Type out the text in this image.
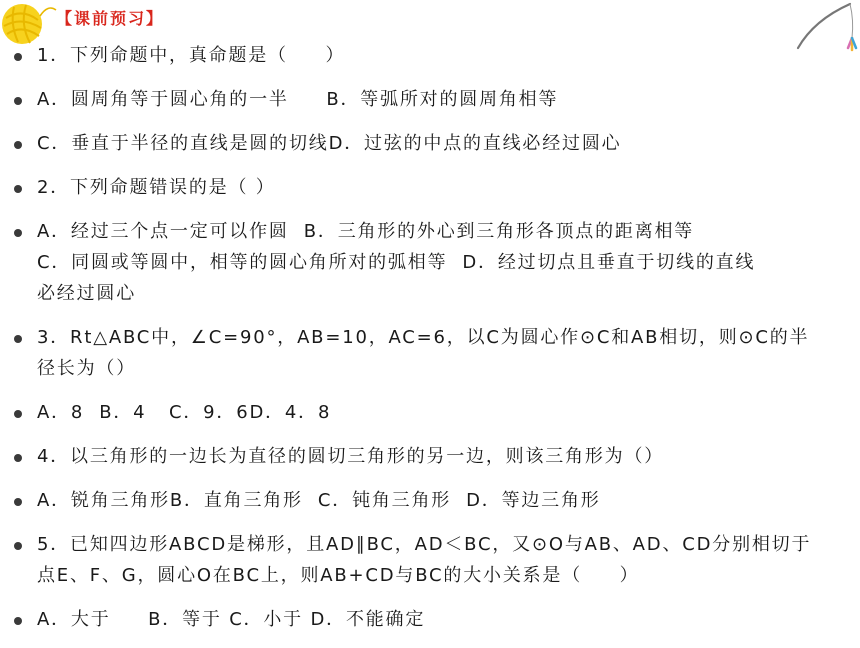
【课前预习】
1．下列命题中，真命题是（     ）
A．圆周角等于圆心角的一半     B．等弧所对的圆周角相等
C．垂直于半径的直线是圆的切线D．过弦的中点的直线必经过圆心
2．下列命题错误的是（ ）
A．经过三个点一定可以作圆  B．三角形的外心到三角形各顶点的距离相等
C．同圆或等圆中，相等的圆心角所对的弧相等  D．经过切点且垂直于切线的直线
必经过圆心
3．Rt△ABC中，∠C=90°，AB=10，AC=6，以C为圆心作⊙C和AB相切，则⊙C的半
径长为（）
A．8  B．4   C．9．6D．4．8
4．以三角形的一边长为直径的圆切三角形的另一边，则该三角形为（）
A．锐角三角形B．直角三角形  C．钝角三角形  D．等边三角形
5．已知四边形ABCD是梯形，且AD∥BC，AD＜BC，又⊙O与AB、AD、CD分别相切于
点E、F、G，圆心O在BC上，则AB+CD与BC的大小关系是（     ）
A．大于     B．等于 C．小于 D．不能确定
